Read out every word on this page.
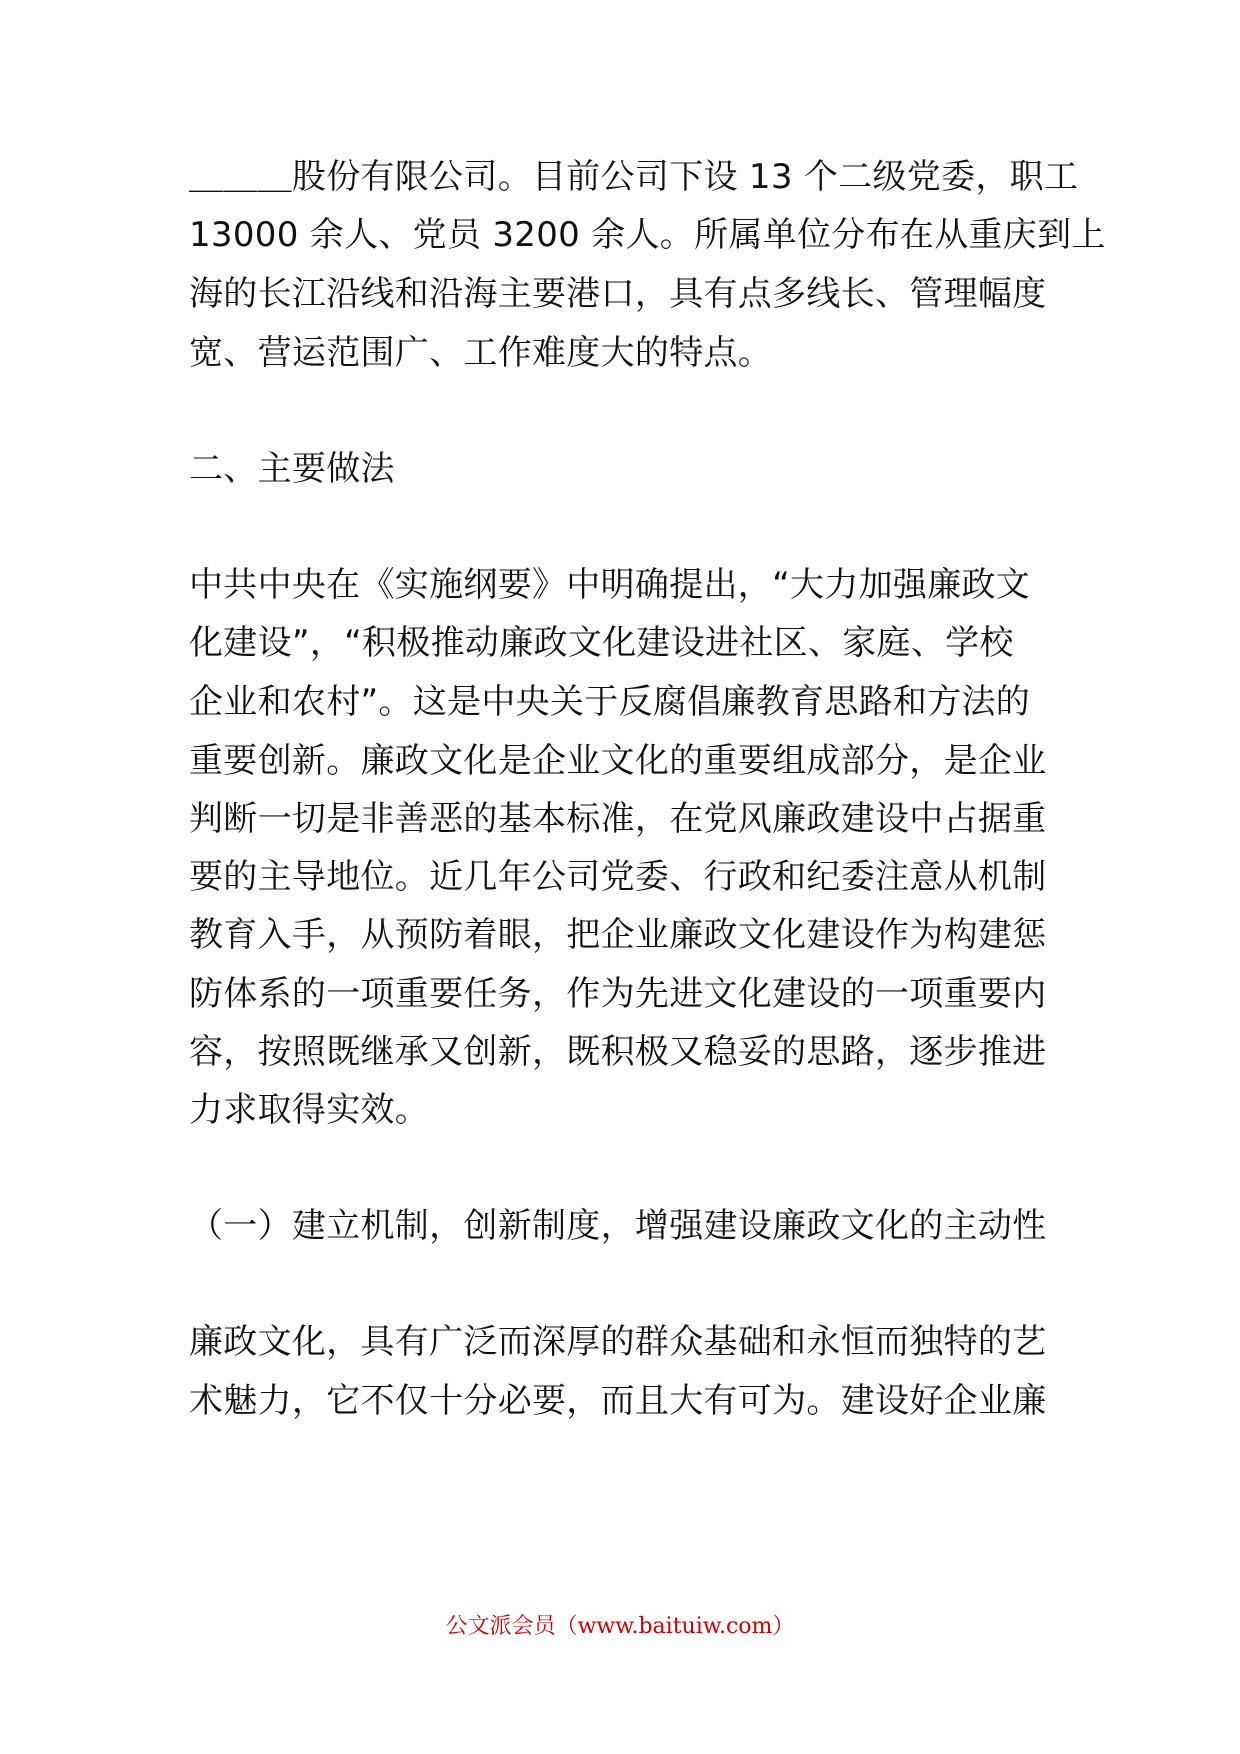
＿＿＿股份有限公司。目前公司下设 13 个二级党委，职工
13000 余人、党员 3200 余人。所属单位分布在从重庆到上
海的长江沿线和沿海主要港口，具有点多线长、管理幅度
宽、营运范围广、工作难度大的特点。
二、主要做法
中共中央在《实施纲要》中明确提出，“大力加强廉政文
化建设”，“积极推动廉政文化建设进社区、家庭、学校
企业和农村”。这是中央关于反腐倡廉教育思路和方法的
重要创新。廉政文化是企业文化的重要组成部分，是企业
判断一切是非善恶的基本标准，在党风廉政建设中占据重
要的主导地位。近几年公司党委、行政和纪委注意从机制
教育入手，从预防着眼，把企业廉政文化建设作为构建惩
防体系的一项重要任务，作为先进文化建设的一项重要内
容，按照既继承又创新，既积极又稳妥的思路，逐步推进
力求取得实效。
（一）建立机制，创新制度，增强建设廉政文化的主动性
廉政文化，具有广泛而深厚的群众基础和永恒而独特的艺
术魅力，它不仅十分必要，而且大有可为。建设好企业廉
公文派会员（www.baituiw.com）
